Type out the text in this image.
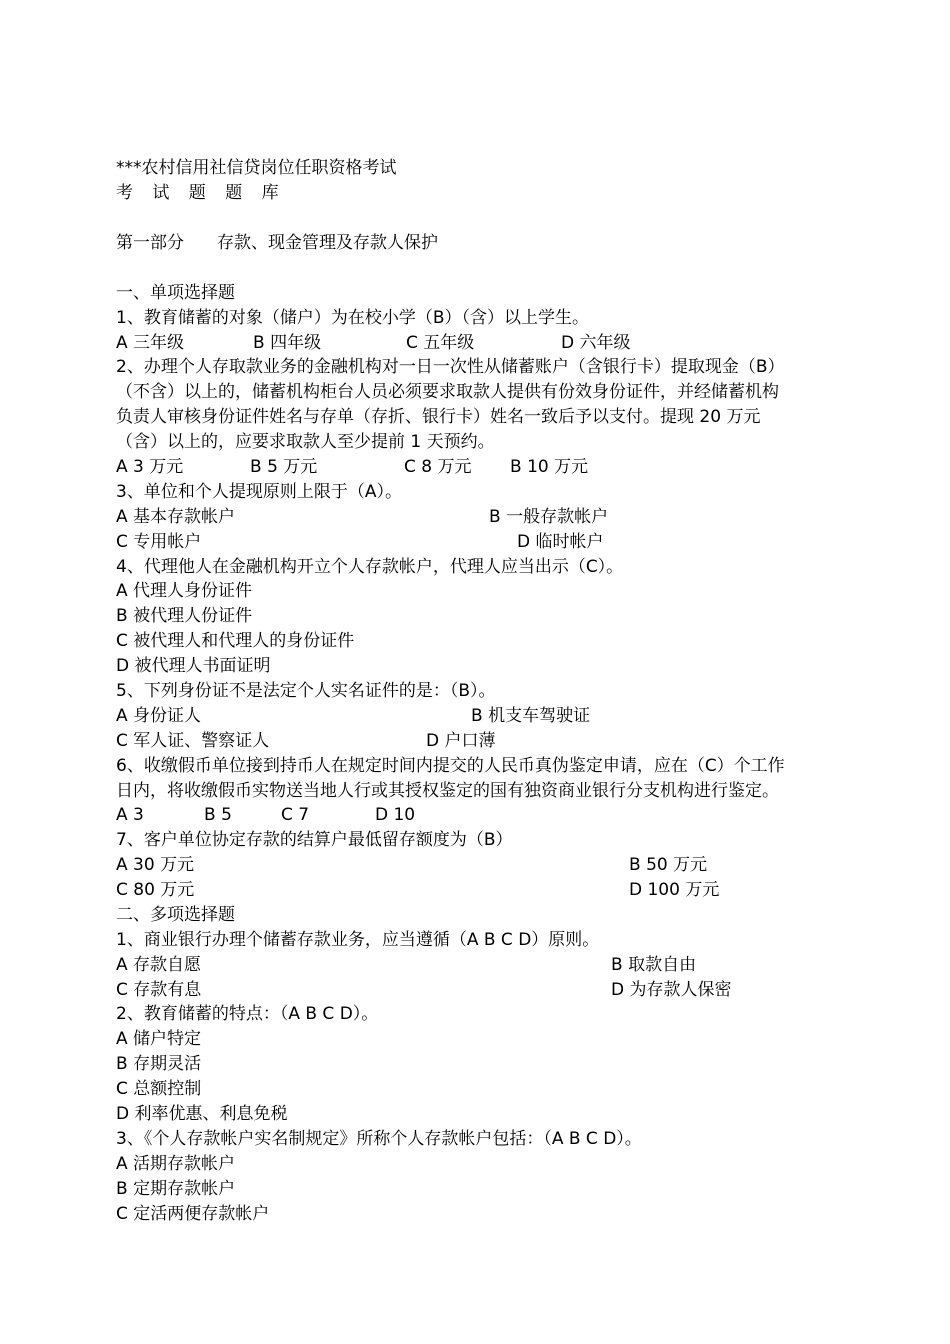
***农村信用社信贷岗位任职资格考试
考 试 题 题 库
第一部分 存款、现金管理及存款人保护
一、单项选择题
1、教育储蓄的对象（储户）为在校小学（B）（含）以上学生。
A 三年级	B 四年级	C 五年级	D 六年级
2、办理个人存取款业务的金融机构对一日一次性从储蓄账户（含银行卡）提取现金（B）
（不含）以上的，储蓄机构柜台人员必须要求取款人提供有份效身份证件，并经储蓄机构
负责人审核身份证件姓名与存单（存折、银行卡）姓名一致后予以支付。提现 20 万元
（含）以上的，应要求取款人至少提前 1 天预约。
A 3 万元	B 5 万元	C 8 万元 B 10 万元
3、单位和个人提现原则上限于（A）。
A 基本存款帐户	B 一般存款帐户
C 专用帐户	D 临时帐户
4、代理他人在金融机构开立个人存款帐户，代理人应当出示（C）。
A 代理人身份证件
B 被代理人份证件
C 被代理人和代理人的身份证件
D 被代理人书面证明
5、下列身份证不是法定个人实名证件的是：（B）。
A 身份证人	B 机支车驾驶证
C 军人证、警察证人	D 户口薄
6、收缴假币单位接到持币人在规定时间内提交的人民币真伪鉴定申请，应在（C）个工作
日内，将收缴假币实物送当地人行或其授权鉴定的国有独资商业银行分支机构进行鉴定。
A 3	B 5	C 7	D 10
7、客户单位协定存款的结算户最低留存额度为（B）
A 30 万元	B 50 万元
C 80 万元	D 100 万元
二、多项选择题
1、商业银行办理个储蓄存款业务，应当遵循（A B C D）原则。
A 存款自愿	B 取款自由
C 存款有息	D 为存款人保密
2、教育储蓄的特点：（A B C D）。
A 储户特定
B 存期灵活
C 总额控制
D 利率优惠、利息免税
3、《个人存款帐户实名制规定》所称个人存款帐户包括：（A B C D）。
A 活期存款帐户
B 定期存款帐户
C 定活两便存款帐户
